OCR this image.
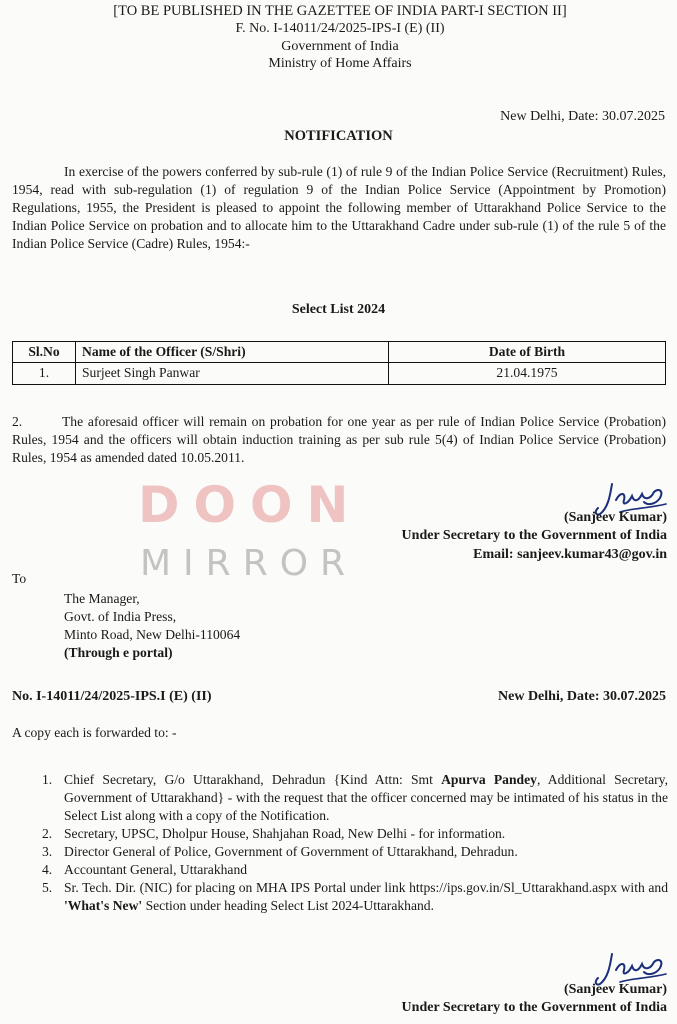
[TO BE PUBLISHED IN THE GAZETTEE OF INDIA PART-I SECTION II]
F. No. I-14011/24/2025-IPS-I (E) (II)
Government of India
Ministry of Home Affairs
New Delhi, Date: 30.07.2025
NOTIFICATION
In exercise of the powers conferred by sub-rule (1) of rule 9 of the Indian Police Service (Recruitment) Rules, 1954, read with sub-regulation (1) of regulation 9 of the Indian Police Service (Appointment by Promotion) Regulations, 1955, the President is pleased to appoint the following member of Uttarakhand Police Service to the Indian Police Service on probation and to allocate him to the Uttarakhand Cadre under sub-rule (1) of the rule 5 of the Indian Police Service (Cadre) Rules, 1954:-
Select List 2024
Sl.No	Name of the Officer (S/Shri)	Date of Birth
1.	Surjeet Singh Panwar	21.04.1975
2.	The aforesaid officer will remain on probation for one year as per rule of Indian Police Service (Probation) Rules, 1954 and the officers will obtain induction training as per sub rule 5(4) of Indian Police Service (Probation) Rules, 1954 as amended dated 10.05.2011.
DOON
MIRROR
(Sanjeev Kumar)
Under Secretary to the Government of India
Email: sanjeev.kumar43@gov.in
To
The Manager,
Govt. of India Press,
Minto Road, New Delhi-110064
(Through e portal)
No. I-14011/24/2025-IPS.I (E) (II)	New Delhi, Date: 30.07.2025
A copy each is forwarded to: -
1. Chief Secretary, G/o Uttarakhand, Dehradun {Kind Attn: Smt Apurva Pandey, Additional Secretary, Government of Uttarakhand} - with the request that the officer concerned may be intimated of his status in the Select List along with a copy of the Notification.
2. Secretary, UPSC, Dholpur House, Shahjahan Road, New Delhi - for information.
3. Director General of Police, Government of Government of Uttarakhand, Dehradun.
4. Accountant General, Uttarakhand
5. Sr. Tech. Dir. (NIC) for placing on MHA IPS Portal under link https://ips.gov.in/Sl_Uttarakhand.aspx with and 'What's New' Section under heading Select List 2024-Uttarakhand.
(Sanjeev Kumar)
Under Secretary to the Government of India
